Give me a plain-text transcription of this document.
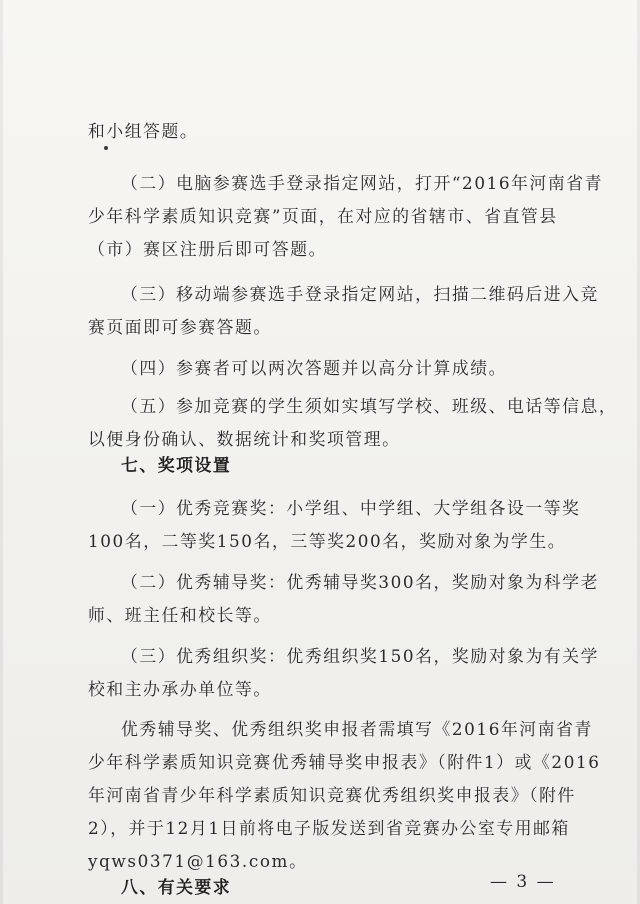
和小组答题。
（二）电脑参赛选手登录指定网站，打开“2016年河南省青
少年科学素质知识竞赛”页面，在对应的省辖市、省直管县
（市）赛区注册后即可答题。
（三）移动端参赛选手登录指定网站，扫描二维码后进入竞
赛页面即可参赛答题。
（四）参赛者可以两次答题并以高分计算成绩。
（五）参加竞赛的学生须如实填写学校、班级、电话等信息，
以便身份确认、数据统计和奖项管理。
七、奖项设置
（一）优秀竞赛奖：小学组、中学组、大学组各设一等奖
100名，二等奖150名，三等奖200名，奖励对象为学生。
（二）优秀辅导奖：优秀辅导奖300名，奖励对象为科学老
师、班主任和校长等。
（三）优秀组织奖：优秀组织奖150名，奖励对象为有关学
校和主办承办单位等。
优秀辅导奖、优秀组织奖申报者需填写《2016年河南省青
少年科学素质知识竞赛优秀辅导奖申报表》（附件1）或《2016
年河南省青少年科学素质知识竞赛优秀组织奖申报表》（附件
2），并于12月1日前将电子版发送到省竞赛办公室专用邮箱
yqws0371@163.com。
八、有关要求	— 3 —
